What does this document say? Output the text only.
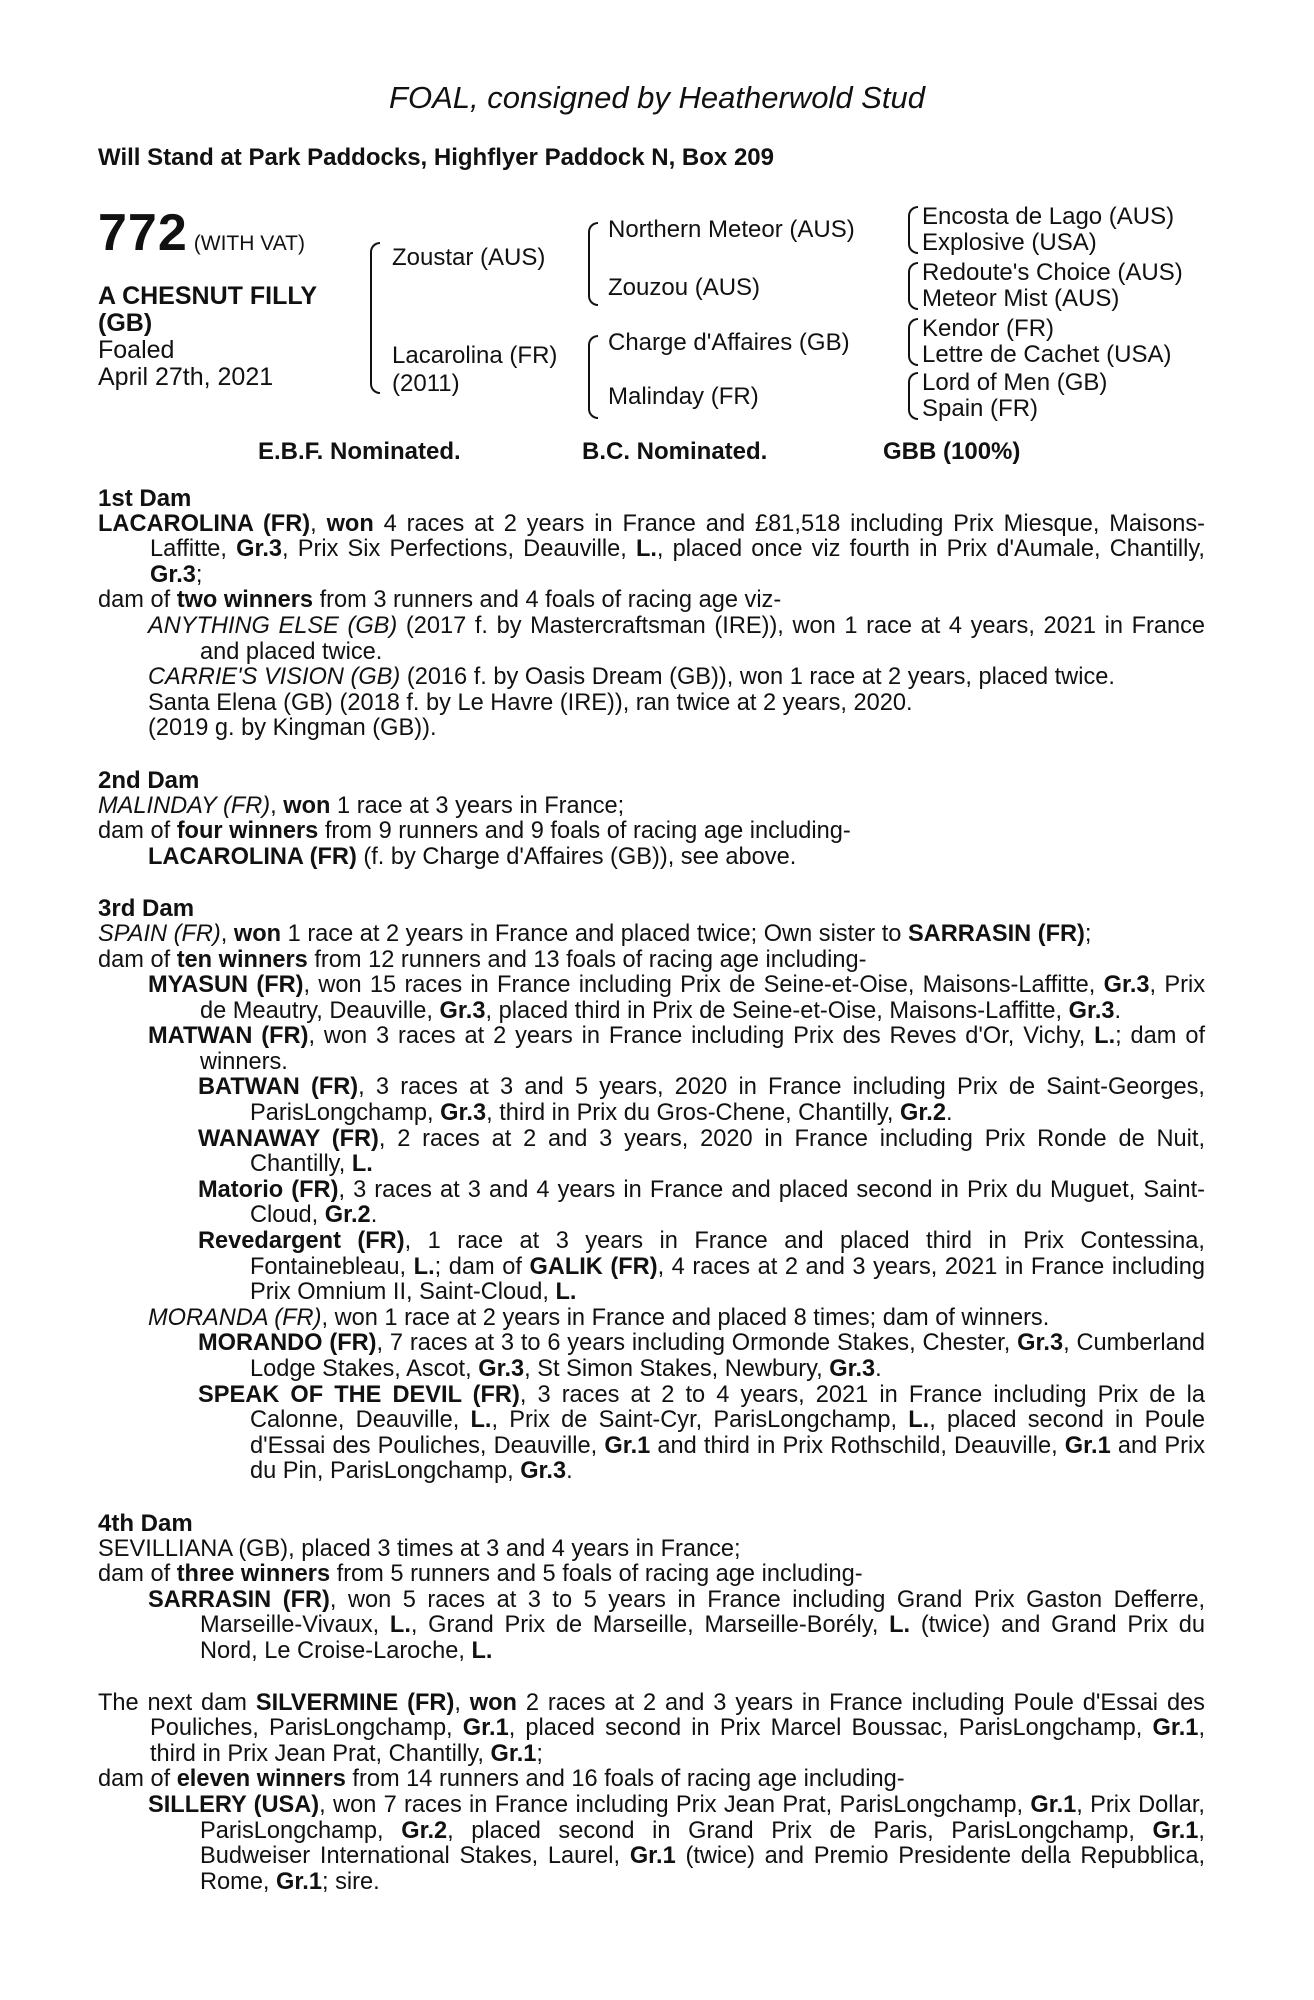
FOAL, consigned by Heatherwold Stud
Will Stand at Park Paddocks, Highflyer Paddock N, Box 209
772 (WITH VAT)
A CHESNUT FILLY
(GB)
Foaled
April 27th, 2021
Zoustar (AUS)
Lacarolina (FR)
(2011)
Northern Meteor (AUS)
Zouzou (AUS)
Charge d'Affaires (GB)
Malinday (FR)
Encosta de Lago (AUS)
Explosive (USA)
Redoute's Choice (AUS)
Meteor Mist (AUS)
Kendor (FR)
Lettre de Cachet (USA)
Lord of Men (GB)
Spain (FR)
E.B.F. Nominated.	B.C. Nominated.	GBB (100%)

1st Dam

LACAROLINA (FR), won 4 races at 2 years in France and £81,518 including Prix Miesque, Maisons-Laffitte, Gr.3, Prix Six Perfections, Deauville, L., placed once viz fourth in Prix d'Aumale, Chantilly, Gr.3;

dam of two winners from 3 runners and 4 foals of racing age viz-

ANYTHING ELSE (GB) (2017 f. by Mastercraftsman (IRE)), won 1 race at 4 years, 2021 in France and placed twice.

CARRIE'S VISION (GB) (2016 f. by Oasis Dream (GB)), won 1 race at 2 years, placed twice.

Santa Elena (GB) (2018 f. by Le Havre (IRE)), ran twice at 2 years, 2020.

(2019 g. by Kingman (GB)).

2nd Dam

MALINDAY (FR), won 1 race at 3 years in France;

dam of four winners from 9 runners and 9 foals of racing age including-

LACAROLINA (FR) (f. by Charge d'Affaires (GB)), see above.

3rd Dam

SPAIN (FR), won 1 race at 2 years in France and placed twice; Own sister to SARRASIN (FR);

dam of ten winners from 12 runners and 13 foals of racing age including-

MYASUN (FR), won 15 races in France including Prix de Seine-et-Oise, Maisons-Laffitte, Gr.3, Prix de Meautry, Deauville, Gr.3, placed third in Prix de Seine-et-Oise, Maisons-Laffitte, Gr.3.

MATWAN (FR), won 3 races at 2 years in France including Prix des Reves d'Or, Vichy, L.; dam of winners.

BATWAN (FR), 3 races at 3 and 5 years, 2020 in France including Prix de Saint-Georges, ParisLongchamp, Gr.3, third in Prix du Gros-Chene, Chantilly, Gr.2.

WANAWAY (FR), 2 races at 2 and 3 years, 2020 in France including Prix Ronde de Nuit, Chantilly, L.

Matorio (FR), 3 races at 3 and 4 years in France and placed second in Prix du Muguet, Saint-Cloud, Gr.2.

Revedargent (FR), 1 race at 3 years in France and placed third in Prix Contessina, Fontainebleau, L.; dam of GALIK (FR), 4 races at 2 and 3 years, 2021 in France including Prix Omnium II, Saint-Cloud, L.

MORANDA (FR), won 1 race at 2 years in France and placed 8 times; dam of winners.

MORANDO (FR), 7 races at 3 to 6 years including Ormonde Stakes, Chester, Gr.3, Cumberland Lodge Stakes, Ascot, Gr.3, St Simon Stakes, Newbury, Gr.3.

SPEAK OF THE DEVIL (FR), 3 races at 2 to 4 years, 2021 in France including Prix de la Calonne, Deauville, L., Prix de Saint-Cyr, ParisLongchamp, L., placed second in Poule d'Essai des Pouliches, Deauville, Gr.1 and third in Prix Rothschild, Deauville, Gr.1 and Prix du Pin, ParisLongchamp, Gr.3.

4th Dam

SEVILLIANA (GB), placed 3 times at 3 and 4 years in France;

dam of three winners from 5 runners and 5 foals of racing age including-

SARRASIN (FR), won 5 races at 3 to 5 years in France including Grand Prix Gaston Defferre, Marseille-Vivaux, L., Grand Prix de Marseille, Marseille-Borély, L. (twice) and Grand Prix du Nord, Le Croise-Laroche, L.

The next dam SILVERMINE (FR), won 2 races at 2 and 3 years in France including Poule d'Essai des Pouliches, ParisLongchamp, Gr.1, placed second in Prix Marcel Boussac, ParisLongchamp, Gr.1, third in Prix Jean Prat, Chantilly, Gr.1;

dam of eleven winners from 14 runners and 16 foals of racing age including-

SILLERY (USA), won 7 races in France including Prix Jean Prat, ParisLongchamp, Gr.1, Prix Dollar, ParisLongchamp, Gr.2, placed second in Grand Prix de Paris, ParisLongchamp, Gr.1, Budweiser International Stakes, Laurel, Gr.1 (twice) and Premio Presidente della Repubblica, Rome, Gr.1; sire.
